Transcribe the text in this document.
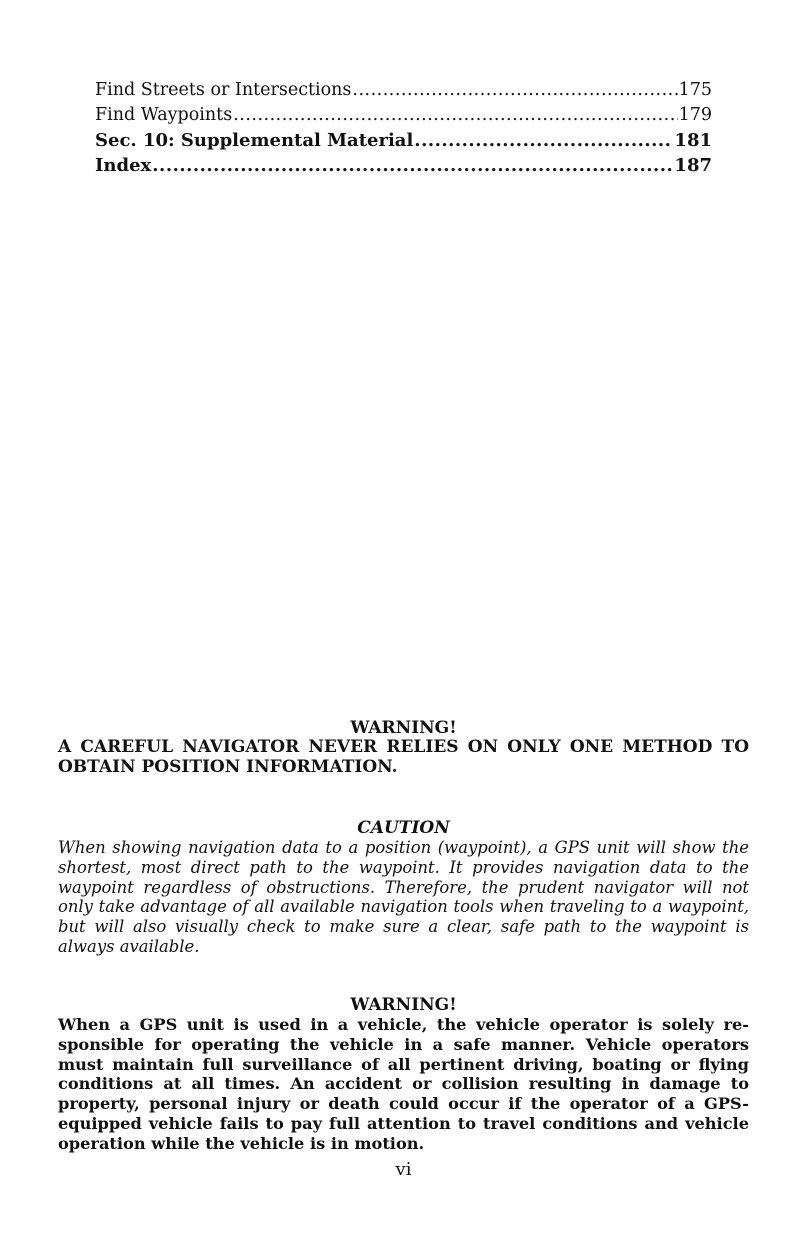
Find Streets or Intersections .....	175
Find Waypoints .....	179
Sec. 10: Supplemental Material .....	181
Index .....	187
WARNING!
A CAREFUL NAVIGATOR NEVER RELIES ON ONLY ONE METHOD TO OBTAIN POSITION INFORMATION.
CAUTION
When showing navigation data to a position (waypoint), a GPS unit will show the shortest, most direct path to the waypoint. It provides navigation data to the waypoint regardless of obstructions. Therefore, the prudent navigator will not only take advantage of all available navigation tools when traveling to a waypoint, but will also visually check to make sure a clear, safe path to the waypoint is always available.
WARNING!
When a GPS unit is used in a vehicle, the vehicle operator is solely responsible for operating the vehicle in a safe manner. Vehicle operators must maintain full surveillance of all pertinent driving, boating or flying conditions at all times. An accident or collision resulting in damage to property, personal injury or death could occur if the operator of a GPS-equipped vehicle fails to pay full attention to travel conditions and vehicle operation while the vehicle is in motion.
vi
